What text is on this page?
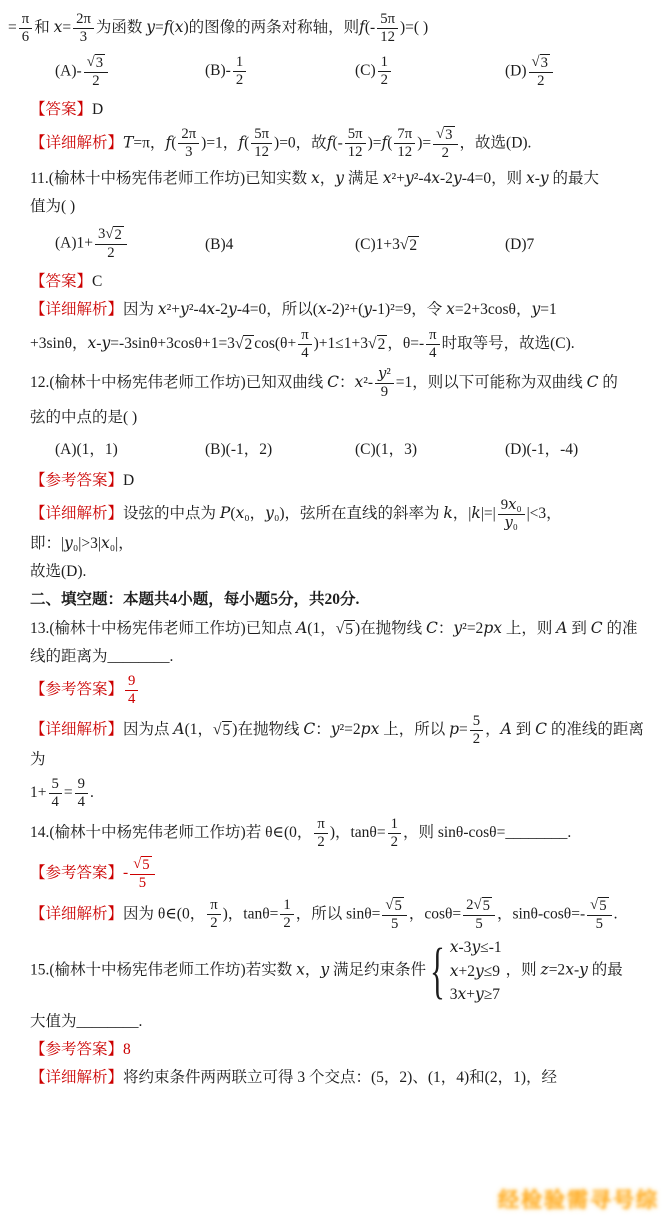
= $\frac{\pi}{6}$ 和 $x= \frac{2\pi}{3}$ 为函数 y=f(x)的图像的两条对称轴，则$f(- \frac{5\pi}{12}$ )=( )
$(A)- \frac{√ 3}{2}$	$(B)- \frac{1}{2}$	$(C) \frac{1}{2}$	$(D) \frac{√ 3}{2}$
【答案】D
【详细解析】T=π，$f( \frac{2\pi}{3} )=1$，$f( \frac{5\pi}{12} )=0$，故$f(- \frac{5\pi}{12} )=f( \frac{7\pi}{12}$ )= $\frac{√ 3}{2}$ ，故选(D).
11.(榆林十中杨宪伟老师工作坊)已知实数 x，y 满足 x²+y²-4x-2y-4=0，则 x-y 的最大
值为( )
$(A)1+ \frac{3 √ 2}{2}$	(B)4	(C)1+3 √ 2	(D)7
【答案】C
【详细解析】因为 x²+y²-4x-2y-4=0，所以(x-2)²+(y-1)²=9，令 x=2+3cosθ，y=1
+3sinθ，x-y=-3sinθ+3cosθ+1=3 √ 2 $\cos(\theta+ \frac{\pi}{4} )+1\le 1+3$ √ 2 ，$\theta=- \frac{\pi}{4}$ 时取等号，故选(C).
12.(榆林十中杨宪伟老师工作坊)已知双曲线 C：$x^2- \frac{\text{y²}}{9} =1$，则以下可能称为双曲线 C 的
弦的中点的是( )
(A)(1，1)	(B)(-1，2)	(C)(1，3)	(D)(-1，-4)
【参考答案】D
【详细解析】设弦的中点为 P(x₀，y₀)，弦所在直线的斜率为 k，$|k|=| \frac{\text{9x₀}}{\text{y₀}} |<3$，即：|y₀|>3|x₀|，
故选(D).
二、填空题：本题共4小题，每小题5分，共20分.
13.(榆林十中杨宪伟老师工作坊)已知点 A(1， √ 5 )在抛物线 C：y²=2px 上，则 A 到 C 的准
线的距离为________.
【参考答案】 $\frac{9}{4}$
【详细解析】因为点 A(1， √ 5 )在抛物线 C：y²=2px 上，所以 $p= \frac{5}{2}$ ，A 到 C 的准线的距离为
$1+ \frac{5}{4} = \frac{9}{4}$ .
14.(榆林十中杨宪伟老师工作坊)若 θ∈(0， $\frac{\pi}{2}$ )，$\tan\theta= \frac{1}{2}$ ，则 sinθ-cosθ=________.
【参考答案】- $\frac{√ 5}{5}$
【详细解析】因为 θ∈(0， $\frac{\pi}{2}$ )，$\tan\theta= \frac{1}{2}$ ，所以 $\sin\theta= \frac{√ 5}{5}$ ，$\cos\theta= \frac{2 √ 5}{5}$ ，$\sin\theta-\cos\theta=- \frac{√ 5}{5}$ .
15.(榆林十中杨宪伟老师工作坊)若实数 x，y 满足约束条件 { x-3y≤-1
x+2y≤9
3x+y≥7
，则 z=2x-y 的最
大值为________.
【参考答案】8
【详细解析】将约束条件两两联立可得 3 个交点：(5，2)、(1，4)和(2，1)，经
经检验需寻号综
